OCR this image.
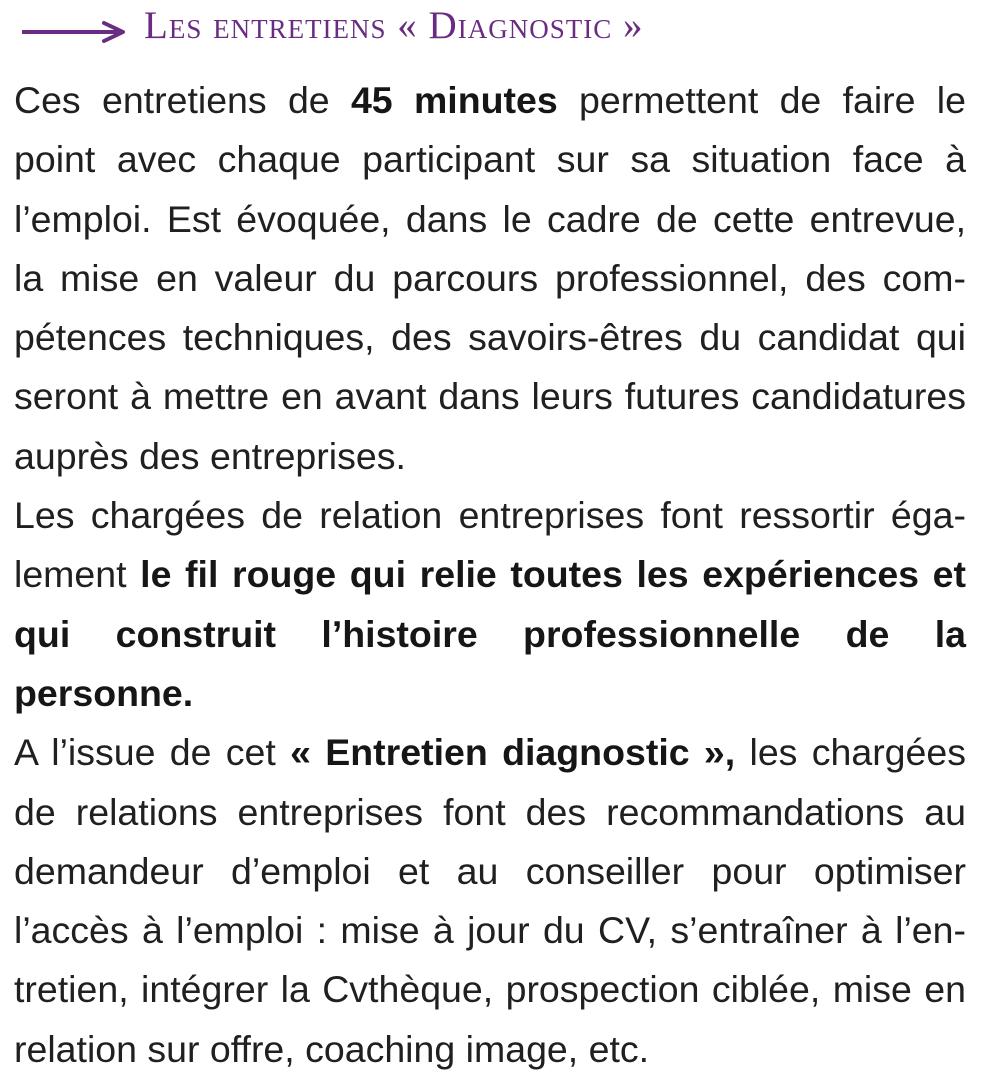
Les entretiens « Diagnostic »

Ces entretiens de 45 minutes permettent de faire le point avec chaque participant sur sa situation face à l’emploi. Est évoquée, dans le cadre de cette entrevue, la mise en valeur du parcours professionnel, des compétences techniques, des savoirs-êtres du candidat qui seront à mettre en avant dans leurs futures candidatures auprès des entreprises.

Les chargées de relation entreprises font ressortir également le fil rouge qui relie toutes les expériences et qui construit l’histoire professionnelle de la personne.

A l’issue de cet « Entretien diagnostic », les chargées de relations entreprises font des recommandations au demandeur d’emploi et au conseiller pour optimiser l’accès à l’emploi : mise à jour du CV, s’entraîner à l’entretien, intégrer la Cvthèque, prospection ciblée, mise en relation sur offre, coaching image, etc.
